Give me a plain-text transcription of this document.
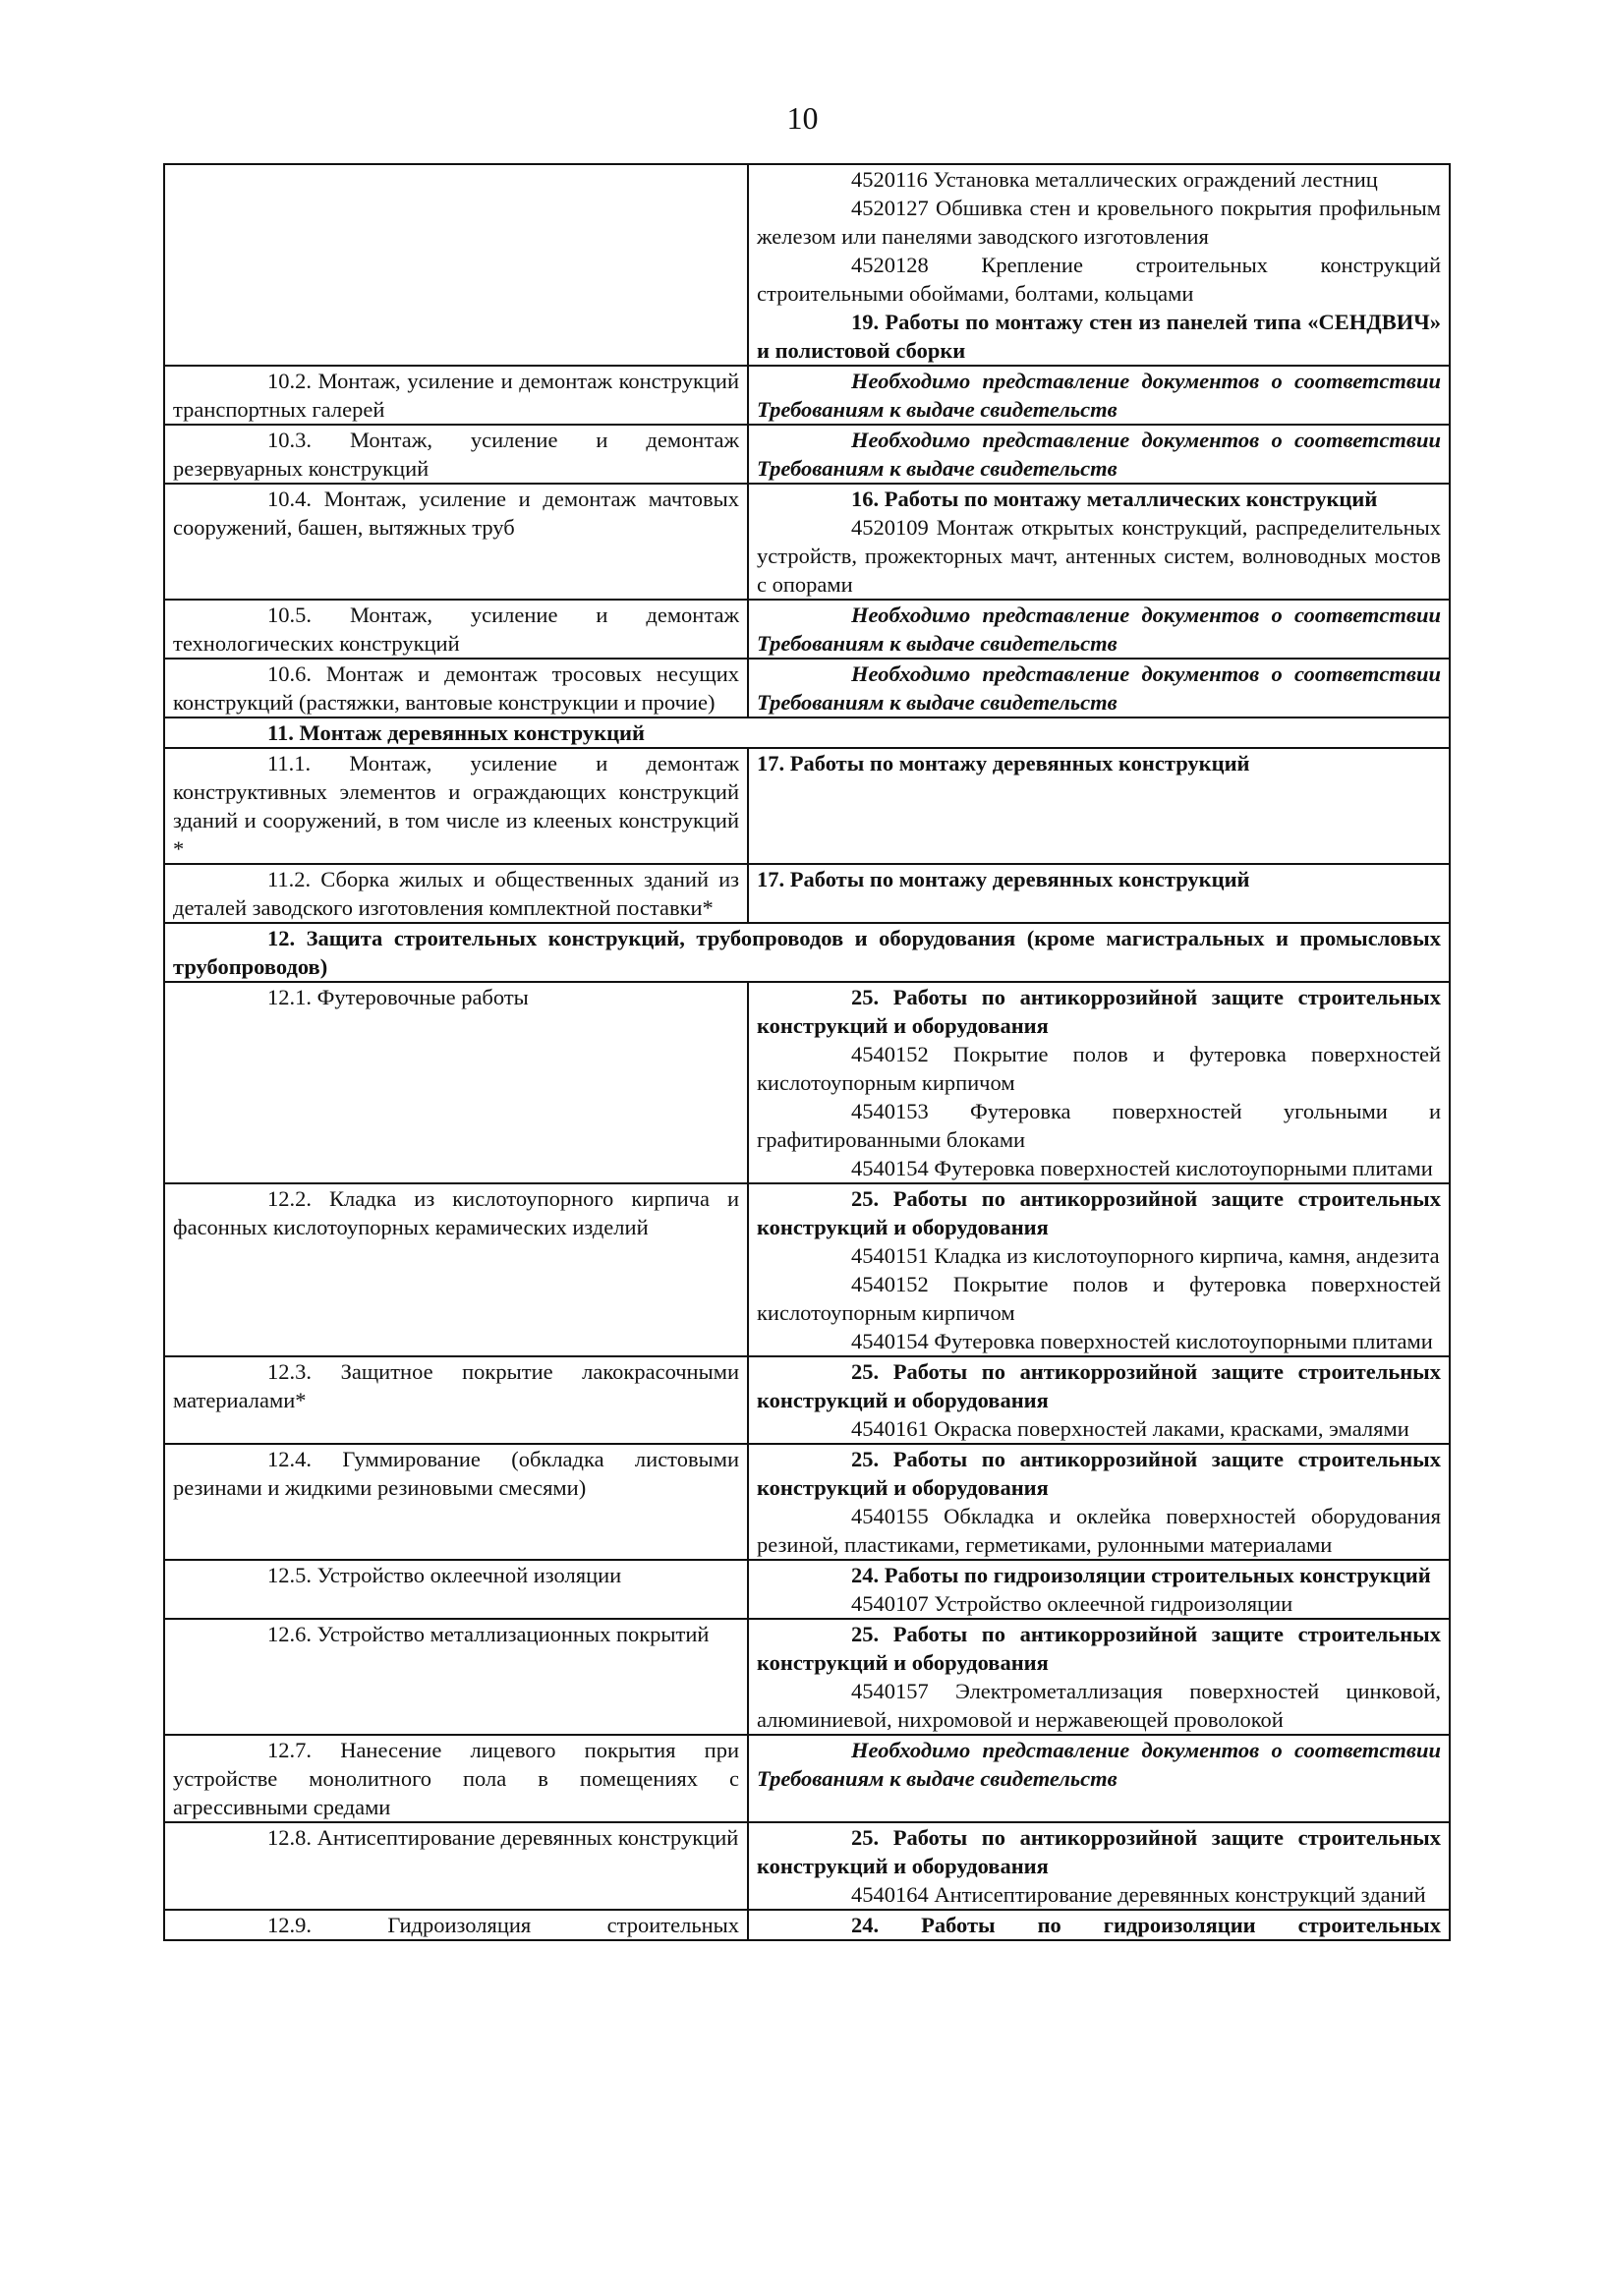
10

	4520116 Установка металлических ограждений лестниц

4520127 Обшивка стен и кровельного покрытия профильным железом или панелями заводского изготовления

4520128 Крепление строительных конструкций строительными обоймами, болтами, кольцами

19. Работы по монтажу стен из панелей типа «СЕНДВИЧ» и полистовой сборки

10.2. Монтаж, усиление и демонтаж конструкций транспортных галерей	Необходимо представление документов о соответствии Требованиям к выдаче свидетельств

10.3. Монтаж, усиление и демонтаж резервуарных конструкций	Необходимо представление документов о соответствии Требованиям к выдаче свидетельств

10.4. Монтаж, усиление и демонтаж мачтовых сооружений, башен, вытяжных труб	16. Работы по монтажу металлических конструкций

4520109 Монтаж открытых конструкций, распределительных устройств, прожекторных мачт, антенных систем, волноводных мостов с опорами

10.5. Монтаж, усиление и демонтаж технологических конструкций	Необходимо представление документов о соответствии Требованиям к выдаче свидетельств

10.6. Монтаж и демонтаж тросовых несущих конструкций (растяжки, вантовые конструкции и прочие)	Необходимо представление документов о соответствии Требованиям к выдаче свидетельств

11. Монтаж деревянных конструкций	
11.1. Монтаж, усиление и демонтаж конструктивных элементов и ограждающих конструкций зданий и сооружений, в том числе из клееных конструкций *	17. Работы по монтажу деревянных конструкций

11.2. Сборка жилых и общественных зданий из деталей заводского изготовления комплектной поставки*	17. Работы по монтажу деревянных конструкций

12. Защита строительных конструкций, трубопроводов и оборудования (кроме магистральных и промысловых трубопроводов)	
12.1. Футеровочные работы	25. Работы по антикоррозийной защите строительных конструкций и оборудования

4540152 Покрытие полов и футеровка поверхностей кислотоупорным кирпичом

4540153 Футеровка поверхностей угольными и графитированными блоками

4540154 Футеровка поверхностей кислотоупорными плитами

12.2. Кладка из кислотоупорного кирпича и фасонных кислотоупорных керамических изделий	25. Работы по антикоррозийной защите строительных конструкций и оборудования

4540151 Кладка из кислотоупорного кирпича, камня, андезита

4540152 Покрытие полов и футеровка поверхностей кислотоупорным кирпичом

4540154 Футеровка поверхностей кислотоупорными плитами

12.3. Защитное покрытие лакокрасочными материалами*	25. Работы по антикоррозийной защите строительных конструкций и оборудования

4540161 Окраска поверхностей лаками, красками, эмалями

12.4. Гуммирование (обкладка листовыми резинами и жидкими резиновыми смесями)	25. Работы по антикоррозийной защите строительных конструкций и оборудования

4540155 Обкладка и оклейка поверхностей оборудования резиной, пластиками, герметиками, рулонными материалами

12.5. Устройство оклеечной изоляции	24. Работы по гидроизоляции строительных конструкций

4540107 Устройство оклеечной гидроизоляции

12.6. Устройство металлизационных покрытий	25. Работы по антикоррозийной защите строительных конструкций и оборудования

4540157 Электрометаллизация поверхностей цинковой, алюминиевой, нихромовой и нержавеющей проволокой

12.7. Нанесение лицевого покрытия при устройстве монолитного пола в помещениях с агрессивными средами	Необходимо представление документов о соответствии Требованиям к выдаче свидетельств

12.8. Антисептирование деревянных конструкций	25. Работы по антикоррозийной защите строительных конструкций и оборудования

4540164 Антисептирование деревянных конструкций зданий

12.9. Гидроизоляция строительных	24. Работы по гидроизоляции строительных
